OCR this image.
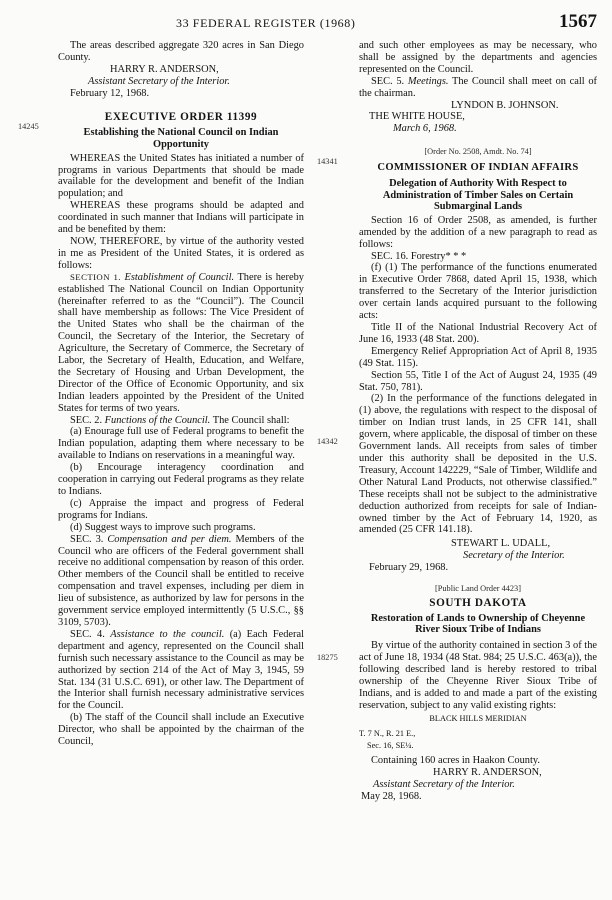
33 FEDERAL REGISTER (1968)	1567
14245
14341
14342
18275

The areas described aggregate 320 acres in San Diego County.

HARRY R. ANDERSON,

Assistant Secretary of the Interior.

February 12, 1968.

EXECUTIVE ORDER 11399

Establishing the National Council on Indian Opportunity

WHEREAS the United States has initiated a number of programs in various Departments that should be made available for the development and benefit of the Indian population; and

WHEREAS these programs should be adapted and coordinated in such manner that Indians will participate in and be benefited by them:

NOW, THEREFORE, by virtue of the authority vested in me as President of the United States, it is ordered as follows:

SECTION 1. Establishment of Council. There is hereby established The National Council on Indian Opportunity (hereinafter referred to as the “Council”). The Council shall have membership as follows: The Vice President of the United States who shall be the chairman of the Council, the Secretary of the Interior, the Secretary of Agriculture, the Secretary of Commerce, the Secretary of Labor, the Secretary of Health, Education, and Welfare, the Secretary of Housing and Urban Development, the Director of the Office of Economic Opportunity, and six Indian leaders appointed by the President of the United States for terms of two years.

SEC. 2. Functions of the Council. The Council shall:

(a) Enourage full use of Federal programs to benefit the Indian population, adapting them where necessary to be available to Indians on reservations in a meaningful way.

(b) Encourage interagency coordination and cooperation in carrying out Federal programs as they relate to Indians.

(c) Appraise the impact and progress of Federal programs for Indians.

(d) Suggest ways to improve such programs.

SEC. 3. Compensation and per diem. Members of the Council who are officers of the Federal government shall receive no additional compensation by reason of this order. Other members of the Council shall be entitled to receive compensation and travel expenses, including per diem in lieu of subsistence, as authorized by law for persons in the government service employed intermittently (5 U.S.C., §§ 3109, 5703).

SEC. 4. Assistance to the council. (a) Each Federal department and agency, represented on the Council shall furnish such necessary assistance to the Council as may be authorized by section 214 of the Act of May 3, 1945, 59 Stat. 134 (31 U.S.C. 691), or other law. The Department of the Interior shall furnish necessary administrative services for the Council.

(b) The staff of the Council shall include an Executive Director, who shall be appointed by the chairman of the Council,

and such other employees as may be necessary, who shall be assigned by the departments and agencies represented on the Council.

SEC. 5. Meetings. The Council shall meet on call of the chairman.

LYNDON B. JOHNSON.

THE WHITE HOUSE,

March 6, 1968.

[Order No. 2508, Amdt. No. 74]

COMMISSIONER OF INDIAN AFFAIRS

Delegation of Authority With Respect to Administration of Timber Sales on Certain Submarginal Lands

Section 16 of Order 2508, as amended, is further amended by the addition of a new paragraph to read as follows:

SEC. 16. Forestry* * *

(f) (1) The performance of the functions enumerated in Executive Order 7868, dated April 15, 1938, which transferred to the Secretary of the Interior jurisdiction over certain lands acquired pursuant to the following acts:

Title II of the National Industrial Recovery Act of June 16, 1933 (48 Stat. 200).

Emergency Relief Appropriation Act of April 8, 1935 (49 Stat. 115).

Section 55, Title I of the Act of August 24, 1935 (49 Stat. 750, 781).

(2) In the performance of the functions delegated in (1) above, the regulations with respect to the disposal of timber on Indian trust lands, in 25 CFR 141, shall govern, where applicable, the disposal of timber on these Government lands. All receipts from sales of timber under this authority shall be deposited in the U.S. Treasury, Account 142229, “Sale of Timber, Wildlife and Other Natural Land Products, not otherwise classified.” These receipts shall not be subject to the administrative deduction authorized from receipts for sale of Indian-owned timber by the Act of February 14, 1920, as amended (25 CFR 141.18).

STEWART L. UDALL,

Secretary of the Interior.

February 29, 1968.

[Public Land Order 4423]

SOUTH DAKOTA

Restoration of Lands to Ownership of Cheyenne River Sioux Tribe of Indians

By virtue of the authority contained in section 3 of the act of June 18, 1934 (48 Stat. 984; 25 U.S.C. 463(a)), the following described land is hereby restored to tribal ownership of the Cheyenne River Sioux Tribe of Indians, and is added to and made a part of the existing reservation, subject to any valid existing rights:

BLACK HILLS MERIDIAN

T. 7 N., R. 21 E.,

Sec. 16, SE¼.

Containing 160 acres in Haakon County.

HARRY R. ANDERSON,

Assistant Secretary of the Interior.

May 28, 1968.
